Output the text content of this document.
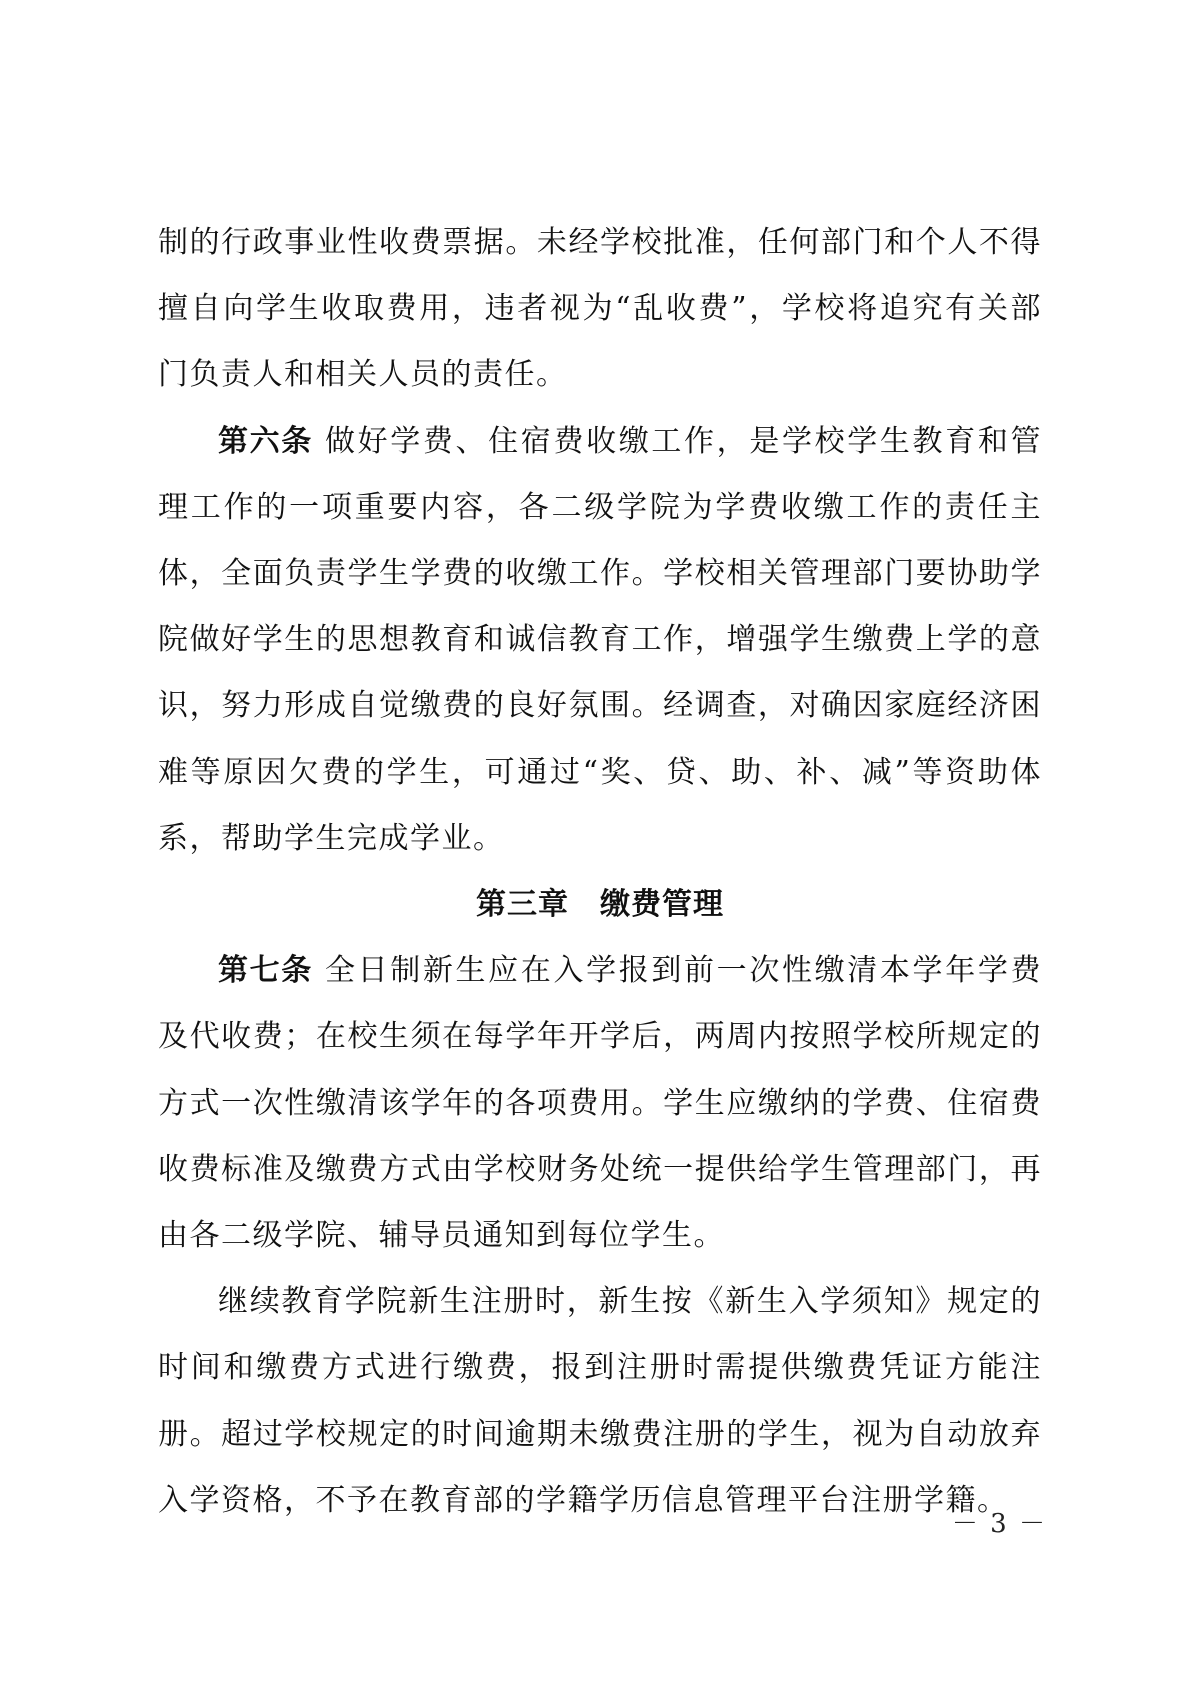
制的行政事业性收费票据。未经学校批准，任何部门和个人不得擅自向学生收取费用，违者视为“乱收费”，学校将追究有关部门负责人和相关人员的责任。

第六条 做好学费、住宿费收缴工作，是学校学生教育和管理工作的一项重要内容，各二级学院为学费收缴工作的责任主体，全面负责学生学费的收缴工作。学校相关管理部门要协助学院做好学生的思想教育和诚信教育工作，增强学生缴费上学的意识，努力形成自觉缴费的良好氛围。经调查，对确因家庭经济困难等原因欠费的学生，可通过“奖、贷、助、补、减”等资助体系，帮助学生完成学业。

第三章　缴费管理

第七条 全日制新生应在入学报到前一次性缴清本学年学费及代收费；在校生须在每学年开学后，两周内按照学校所规定的方式一次性缴清该学年的各项费用。学生应缴纳的学费、住宿费收费标准及缴费方式由学校财务处统一提供给学生管理部门，再由各二级学院、辅导员通知到每位学生。

继续教育学院新生注册时，新生按《新生入学须知》规定的时间和缴费方式进行缴费，报到注册时需提供缴费凭证方能注册。超过学校规定的时间逾期未缴费注册的学生，视为自动放弃入学资格，不予在教育部的学籍学历信息管理平台注册学籍。

－ 3 －
